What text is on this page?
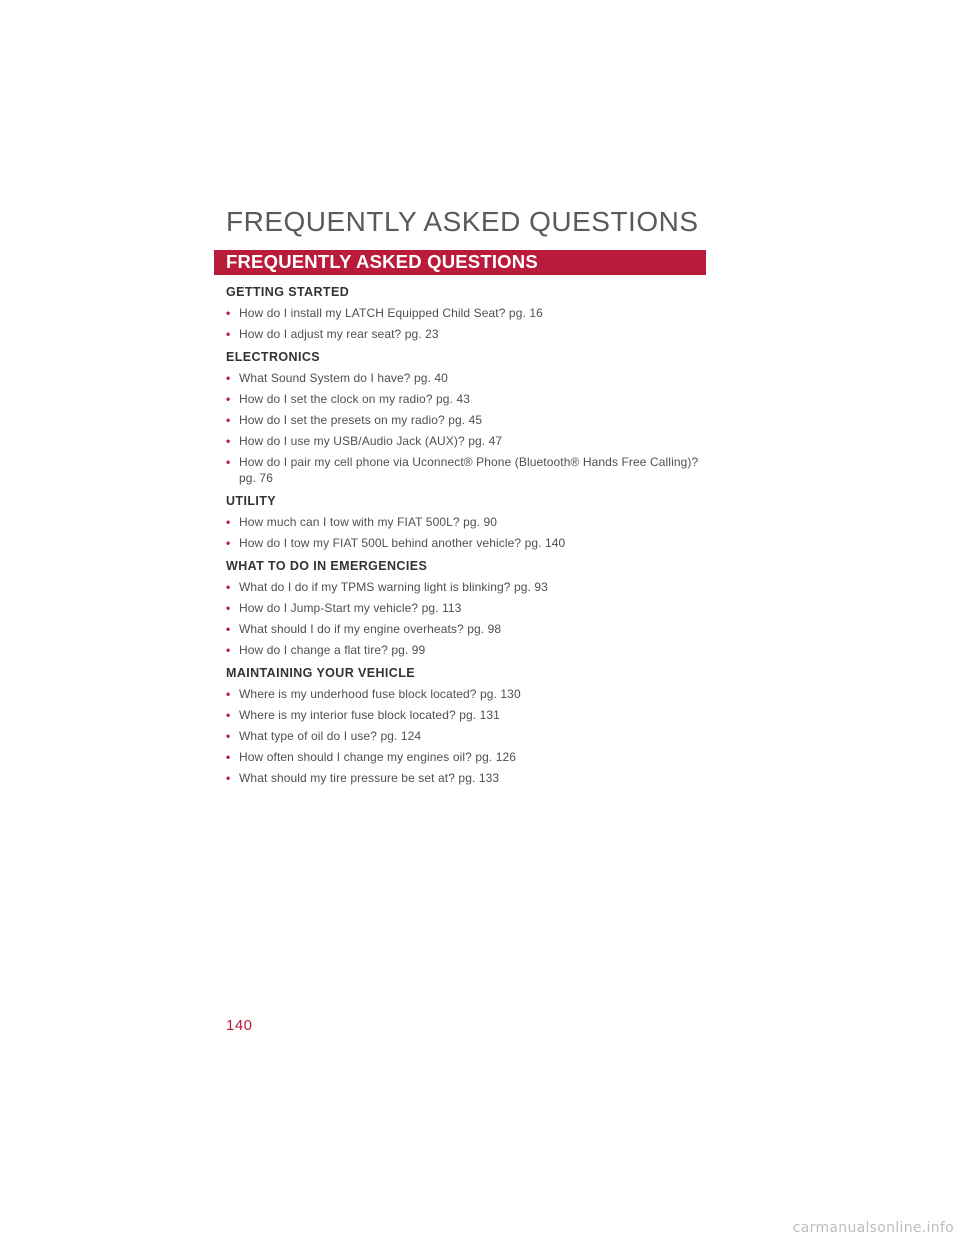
FREQUENTLY ASKED QUESTIONS
FREQUENTLY ASKED QUESTIONS
GETTING STARTED
• How do I install my LATCH Equipped Child Seat? pg. 16
• How do I adjust my rear seat? pg. 23
ELECTRONICS
• What Sound System do I have? pg. 40
• How do I set the clock on my radio? pg. 43
• How do I set the presets on my radio? pg. 45
• How do I use my USB/Audio Jack (AUX)? pg. 47
• How do I pair my cell phone via Uconnect® Phone (Bluetooth® Hands Free Calling)? pg. 76
UTILITY
• How much can I tow with my FIAT 500L? pg. 90
• How do I tow my FIAT 500L behind another vehicle? pg. 140
WHAT TO DO IN EMERGENCIES
• What do I do if my TPMS warning light is blinking? pg. 93
• How do I Jump-Start my vehicle? pg. 113
• What should I do if my engine overheats? pg. 98
• How do I change a flat tire? pg. 99
MAINTAINING YOUR VEHICLE
• Where is my underhood fuse block located? pg. 130
• Where is my interior fuse block located? pg. 131
• What type of oil do I use? pg. 124
• How often should I change my engines oil? pg. 126
• What should my tire pressure be set at? pg. 133
140
carmanualsonline.info
